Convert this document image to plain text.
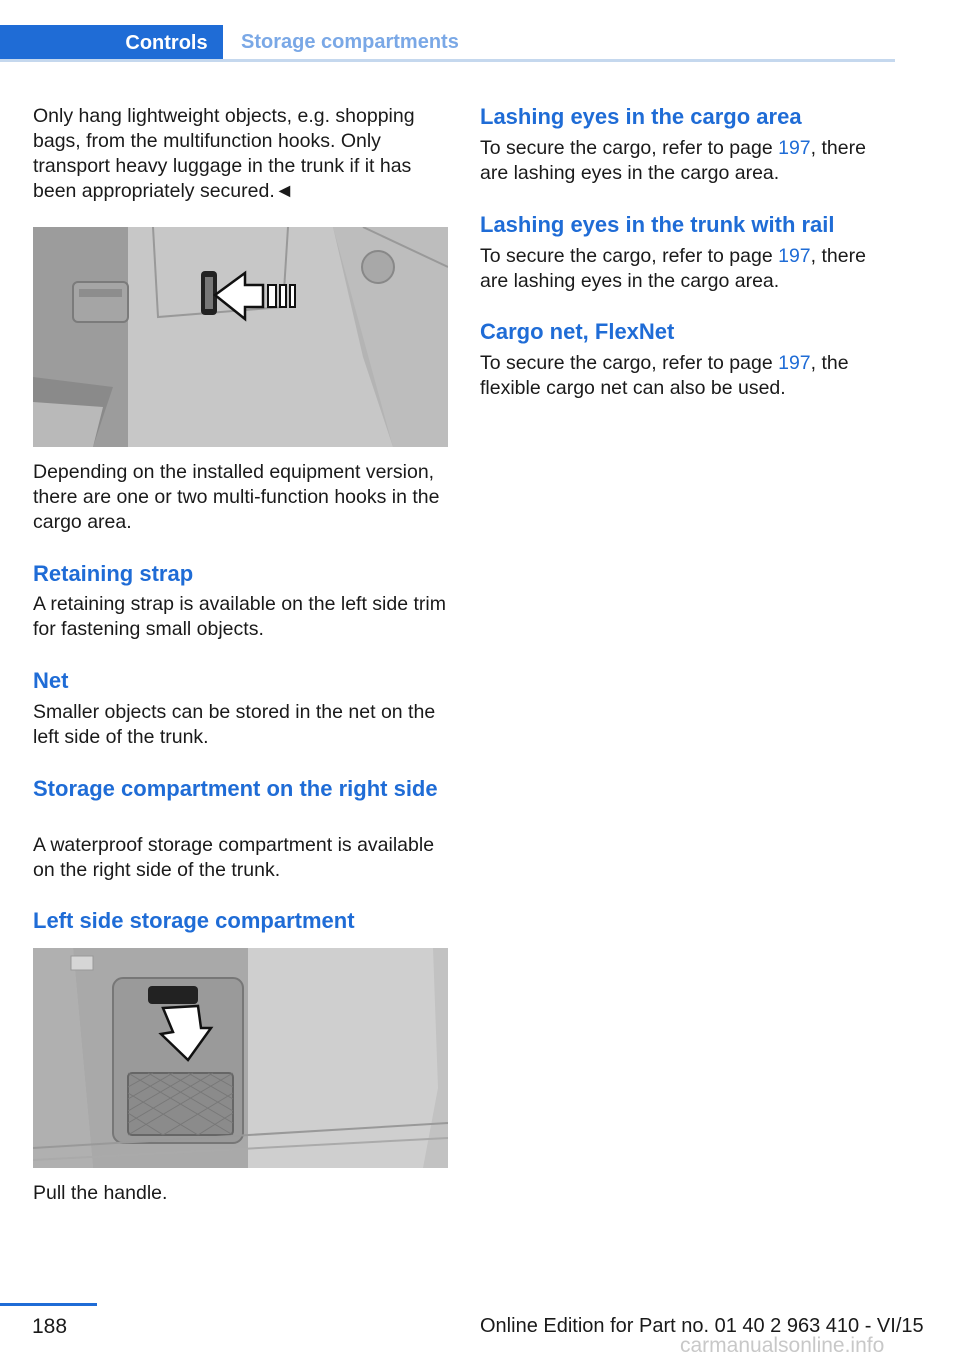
Controls Storage compartments

Only hang lightweight objects, e.g. shopping bags, from the multifunction hooks. Only transport heavy luggage in the trunk if it has been appropriately secured.◄

Depending on the installed equipment version, there are one or two multi-function hooks in the cargo area.

Retaining strap

A retaining strap is available on the left side trim for fastening small objects.

Net

Smaller objects can be stored in the net on the left side of the trunk.

Storage compartment on the right side

A waterproof storage compartment is available on the right side of the trunk.

Left side storage compartment

Pull the handle.

Lashing eyes in the cargo area

To secure the cargo, refer to page 197, there are lashing eyes in the cargo area.

Lashing eyes in the trunk with rail

To secure the cargo, refer to page 197, there are lashing eyes in the cargo area.

Cargo net, FlexNet

To secure the cargo, refer to page 197, the flexible cargo net can also be used.

188	Online Edition for Part no. 01 40 2 963 410 - VI/15
carmanualsonline.info
